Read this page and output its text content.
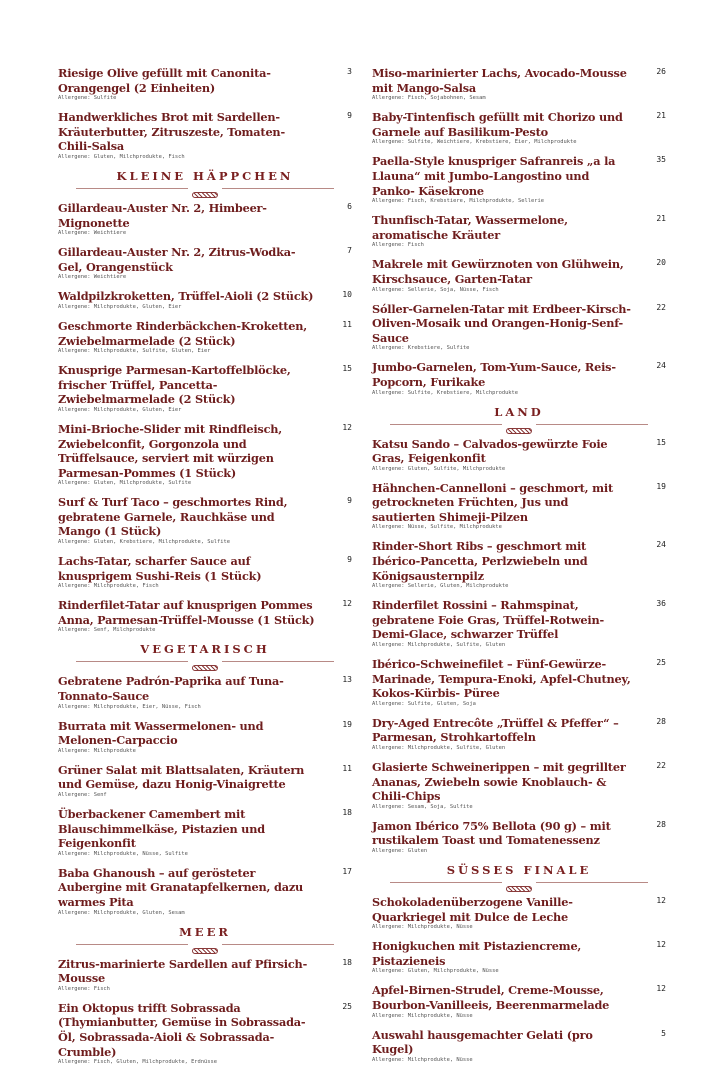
Riesige Olive gefüllt mit Canonita-Orangengel (2 Einheiten)
3
Allergene: Sulfite
Handwerkliches Brot mit Sardellen-Kräuterbutter, Zitruszeste, Tomaten-Chili-Salsa
9
Allergene: Gluten, Milchprodukte, Fisch
KLEINE HÄPPCHEN
Gillardeau-Auster Nr. 2, Himbeer-Mignonette
6
Allergene: Weichtiere
Gillardeau-Auster Nr. 2, Zitrus-Wodka-Gel, Orangenstück
7
Allergene: Weichtiere
Waldpilzkroketten, Trüffel-Aioli (2 Stück)	10
Allergene: Milchprodukte, Gluten, Eier
Geschmorte Rinderbäckchen-Kroketten, Zwiebelmarmelade (2 Stück)
11
Allergene: Milchprodukte, Sulfite, Gluten, Eier
Knusprige Parmesan-Kartoffelblöcke, frischer Trüffel, Pancetta-Zwiebelmarmelade (2 Stück)
15
Allergene: Milchprodukte, Gluten, Eier
Mini-Brioche-Slider mit Rindfleisch, Zwiebelconfit, Gorgonzola und Trüffelsauce, serviert mit würzigen Parmesan-Pommes (1 Stück)
12
Allergene: Gluten, Milchprodukte, Sulfite
Surf & Turf Taco – geschmortes Rind, gebratene Garnele, Rauchkäse und Mango (1 Stück)
9
Allergene: Gluten, Krebstiere, Milchprodukte, Sulfite
Lachs-Tatar, scharfer Sauce auf knusprigem Sushi-Reis (1 Stück)
9
Allergene: Milchprodukte, Fisch
Rinderfilet-Tatar auf knusprigen Pommes Anna, Parmesan-Trüffel-Mousse (1 Stück)
12
Allergene: Senf, Milchprodukte
VEGETARISCH
Gebratene Padrón-Paprika auf Tuna-Tonnato-Sauce
13
Allergene: Milchprodukte, Eier, Nüsse, Fisch
Burrata mit Wassermelonen- und Melonen-Carpaccio
19
Allergene: Milchprodukte
Grüner Salat mit Blattsalaten, Kräutern und Gemüse, dazu Honig-Vinaigrette
11
Allergene: Senf
Überbackener Camembert mit Blauschimmelkäse, Pistazien und Feigenkonfit
18
Allergene: Milchprodukte, Nüsse, Sulfite
Baba Ghanoush – auf gerösteter Aubergine mit Granatapfelkernen, dazu warmes Pita
17
Allergene: Milchprodukte, Gluten, Sesam
MEER
Zitrus-marinierte Sardellen auf Pfirsich-Mousse
18
Allergene: Fisch
Ein Oktopus trifft Sobrassada (Thymianbutter, Gemüse in Sobrassada-Öl, Sobrassada-Aioli & Sobrassada-Crumble)
25
Allergene: Fisch, Gluten, Milchprodukte, Erdnüsse
Miso-marinierter Lachs, Avocado-Mousse mit Mango-Salsa
26
Allergene: Fisch, Sojabohnen, Sesam
Baby-Tintenfisch gefüllt mit Chorizo und Garnele auf Basilikum-Pesto
21
Allergene: Sulfite, Weichtiere, Krebstiere, Eier, Milchprodukte
Paella-Style knuspriger Safranreis „a la Llauna“ mit Jumbo-Langostino und Panko- Käsekrone
35
Allergene: Fisch, Krebstiere, Milchprodukte, Sellerie
Thunfisch-Tatar, Wassermelone, aromatische Kräuter
21
Allergene: Fisch
Makrele mit Gewürznoten von Glühwein, Kirschsauce, Garten-Tatar
20
Allergene: Sellerie, Soja, Nüsse, Fisch
Sóller-Garnelen-Tatar mit Erdbeer-Kirsch-Oliven-Mosaik und Orangen-Honig-Senf-Sauce
22
Allergene: Krebstiere, Sulfite
Jumbo-Garnelen, Tom-Yum-Sauce, Reis-Popcorn, Furikake
24
Allergene: Sulfite, Krebstiere, Milchprodukte
LAND
Katsu Sando – Calvados-gewürzte Foie Gras, Feigenkonfit
15
Allergene: Gluten, Sulfite, Milchprodukte
Hähnchen-Cannelloni – geschmort, mit getrockneten Früchten, Jus und sautierten Shimeji-Pilzen
19
Allergene: Nüsse, Sulfite, Milchprodukte
Rinder-Short Ribs – geschmort mit Ibérico-Pancetta, Perlzwiebeln und Königsausternpilz
24
Allergene: Sellerie, Gluten, Milchprodukte
Rinderfilet Rossini – Rahmspinat, gebratene Foie Gras, Trüffel-Rotwein-Demi-Glace, schwarzer Trüffel
36
Allergene: Milchprodukte, Sulfite, Gluten
Ibérico-Schweinefilet – Fünf-Gewürze-Marinade, Tempura-Enoki, Apfel-Chutney, Kokos-Kürbis- Püree
25
Allergene: Sulfite, Gluten, Soja
Dry-Aged Entrecôte „Trüffel & Pfeffer“ – Parmesan, Strohkartoffeln
28
Allergene: Milchprodukte, Sulfite, Gluten
Glasierte Schweinerippen – mit gegrillter Ananas, Zwiebeln sowie Knoblauch- & Chili-Chips
22
Allergene: Sesam, Soja, Sulfite
Jamon Ibérico 75% Bellota (90 g) – mit rustikalem Toast und Tomatenessenz
28
Allergene: Gluten
SÜSSES FINALE
Schokoladenüberzogene Vanille-Quarkriegel mit Dulce de Leche
12
Allergene: Milchprodukte, Nüsse
Honigkuchen mit Pistaziencreme, Pistazieneis
12
Allergene: Gluten, Milchprodukte, Nüsse
Apfel-Birnen-Strudel, Creme-Mousse, Bourbon-Vanilleeis, Beerenmarmelade
12
Allergene: Milchprodukte, Nüsse
Auswahl hausgemachter Gelati (pro Kugel)
5
Allergene: Milchprodukte, Nüsse
